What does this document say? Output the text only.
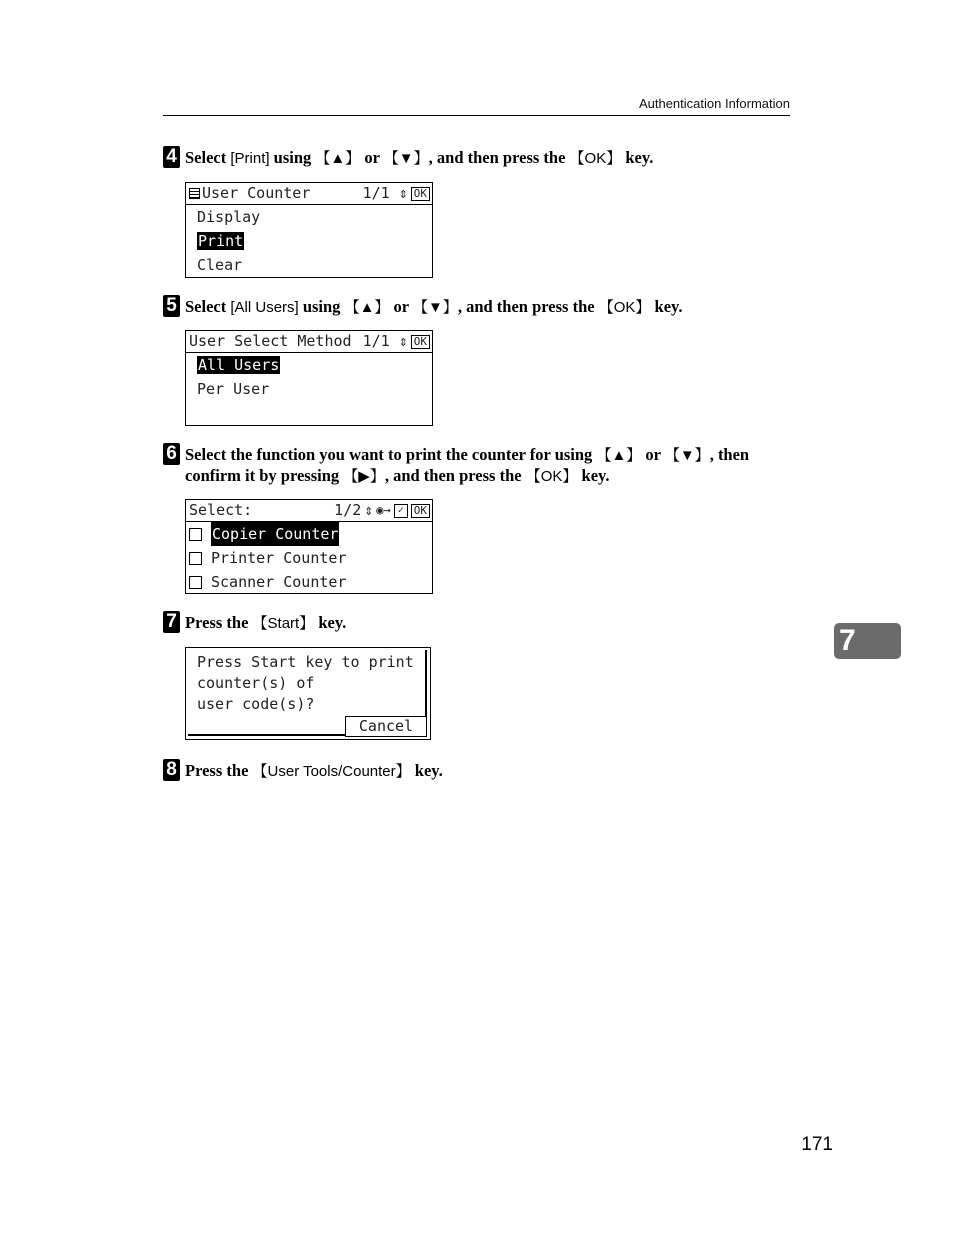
Authentication Information
4 Select [Print] using 【▲】 or 【▼】, and then press the 【OK】 key.
User Counter
	1/1 ⇕ OK

Display
Print
Clear
5 Select [All Users] using 【▲】 or 【▼】, and then press the 【OK】 key.
User Select Method
1/1 ⇕ OK

All Users
Per User
6 Select the function you want to print the counter for using 【▲】 or 【▼】, then confirm it by pressing 【▶】, and then press the 【OK】 key.
Select:
	1/2 ⇕ ◉→ ✓ OK

Copier Counter
Printer Counter
Scanner Counter
7 Press the 【Start】 key.
Press Start key to print
counter(s) of
user code(s)?
Cancel
8 Press the 【User Tools/Counter】 key.
7
171
